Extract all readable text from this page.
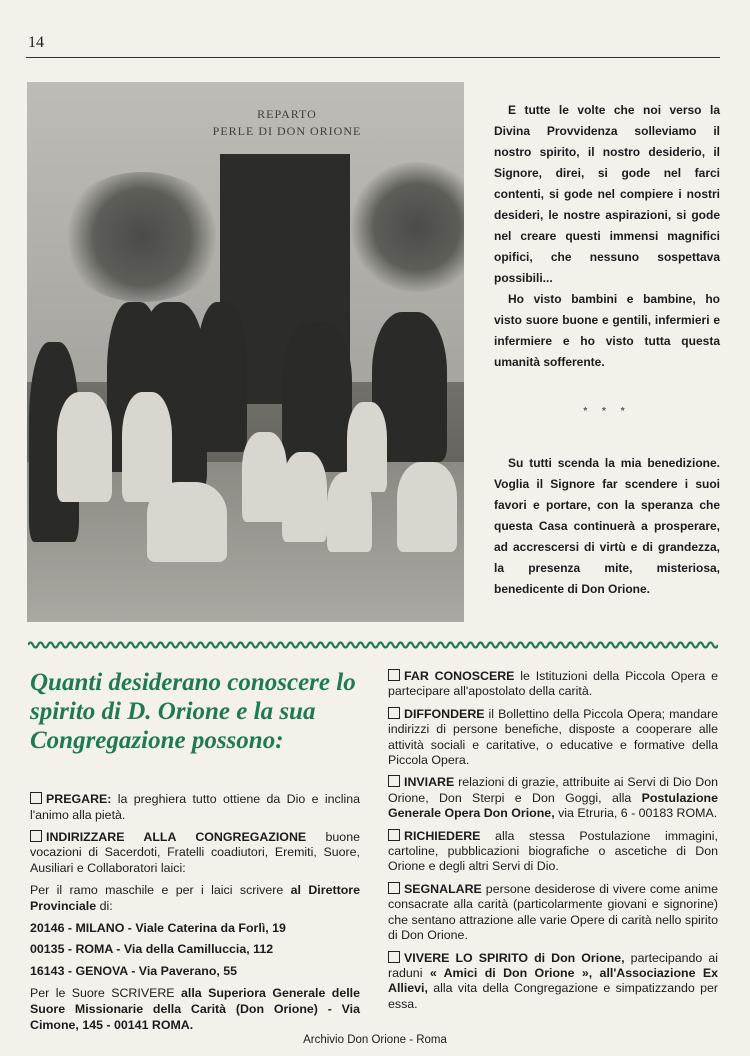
14
REPARTO
PERLE DI DON ORIONE

E tutte le volte che noi verso la Divina Provvidenza solleviamo il nostro spirito, il nostro desiderio, il Signore, direi, si gode nel farci contenti, si gode nel compiere i nostri desideri, le nostre aspirazioni, si gode nel creare questi immensi magnifici opifici, che nessuno sospettava possibili...

Ho visto bambini e bambine, ho visto suore buone e gentili, infermieri e infermiere e ho visto tutta questa umanità sofferente.

* * *

Su tutti scenda la mia benedizione. Voglia il Signore far scendere i suoi favori e portare, con la speranza che questa Casa continuerà a prosperare, ad accrescersi di virtù e di grandezza, la presenza mite, misteriosa, benedicente di Don Orione.

Quanti desiderano conoscere lo spirito di D. Orione e la sua Congregazione possono:

PREGARE: la preghiera tutto ottiene da Dio e inclina l'animo alla pietà.

INDIRIZZARE ALLA CONGREGAZIONE buone vocazioni di Sacerdoti, Fratelli coadiutori, Eremiti, Suore, Ausiliari e Collaboratori laici:

Per il ramo maschile e per i laici scrivere al Direttore Provinciale di:

20146 - MILANO - Viale Caterina da Forlì, 19

00135 - ROMA - Via della Camilluccia, 112

16143 - GENOVA - Via Paverano, 55

Per le Suore SCRIVERE alla Superiora Generale delle Suore Missionarie della Carità (Don Orione) - Via Cimone, 145 - 00141 ROMA.

FAR CONOSCERE le Istituzioni della Piccola Opera e partecipare all'apostolato della carità.

DIFFONDERE il Bollettino della Piccola Opera; mandare indirizzi di persone benefiche, disposte a cooperare alle attività sociali e caritative, o educative e formative della Piccola Opera.

INVIARE relazioni di grazie, attribuite ai Servi di Dio Don Orione, Don Sterpi e Don Goggi, alla Postulazione Generale Opera Don Orione, via Etruria, 6 - 00183 ROMA.

RICHIEDERE alla stessa Postulazione immagini, cartoline, pubblicazioni biografiche o ascetiche di Don Orione e degli altri Servi di Dio.

SEGNALARE persone desiderose di vivere come anime consacrate alla carità (particolarmente giovani e signorine) che sentano attrazione alle varie Opere di carità nello spirito di Don Orione.

VIVERE LO SPIRITO di Don Orione, partecipando ai raduni « Amici di Don Orione », all'Associazione Ex Allievi, alla vita della Congregazione e simpatizzando per essa.

Archivio Don Orione - Roma
